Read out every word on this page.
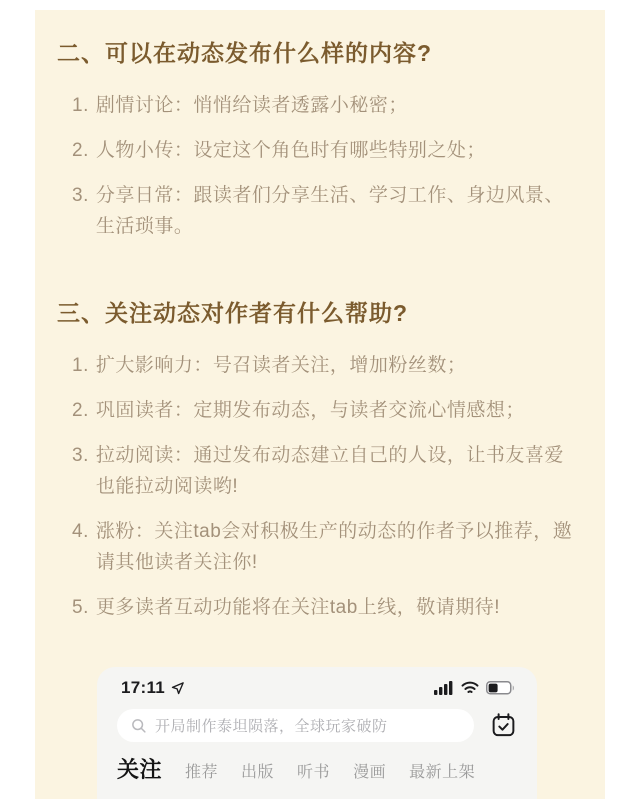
二、可以在动态发布什么样的内容?
1. 剧情讨论：悄悄给读者透露小秘密；
2. 人物小传：设定这个角色时有哪些特别之处；
3. 分享日常：跟读者们分享生活、学习工作、身边风景、生活琐事。
三、关注动态对作者有什么帮助?
1. 扩大影响力：号召读者关注，增加粉丝数；
2. 巩固读者：定期发布动态，与读者交流心情感想；
3. 拉动阅读：通过发布动态建立自己的人设，让书友喜爱也能拉动阅读哟!
4. 涨粉：关注tab会对积极生产的动态的作者予以推荐，邀请其他读者关注你!
5. 更多读者互动功能将在关注tab上线，敬请期待!
17:11
开局制作泰坦陨落，全球玩家破防
关注 推荐 出版 听书 漫画 最新上架
